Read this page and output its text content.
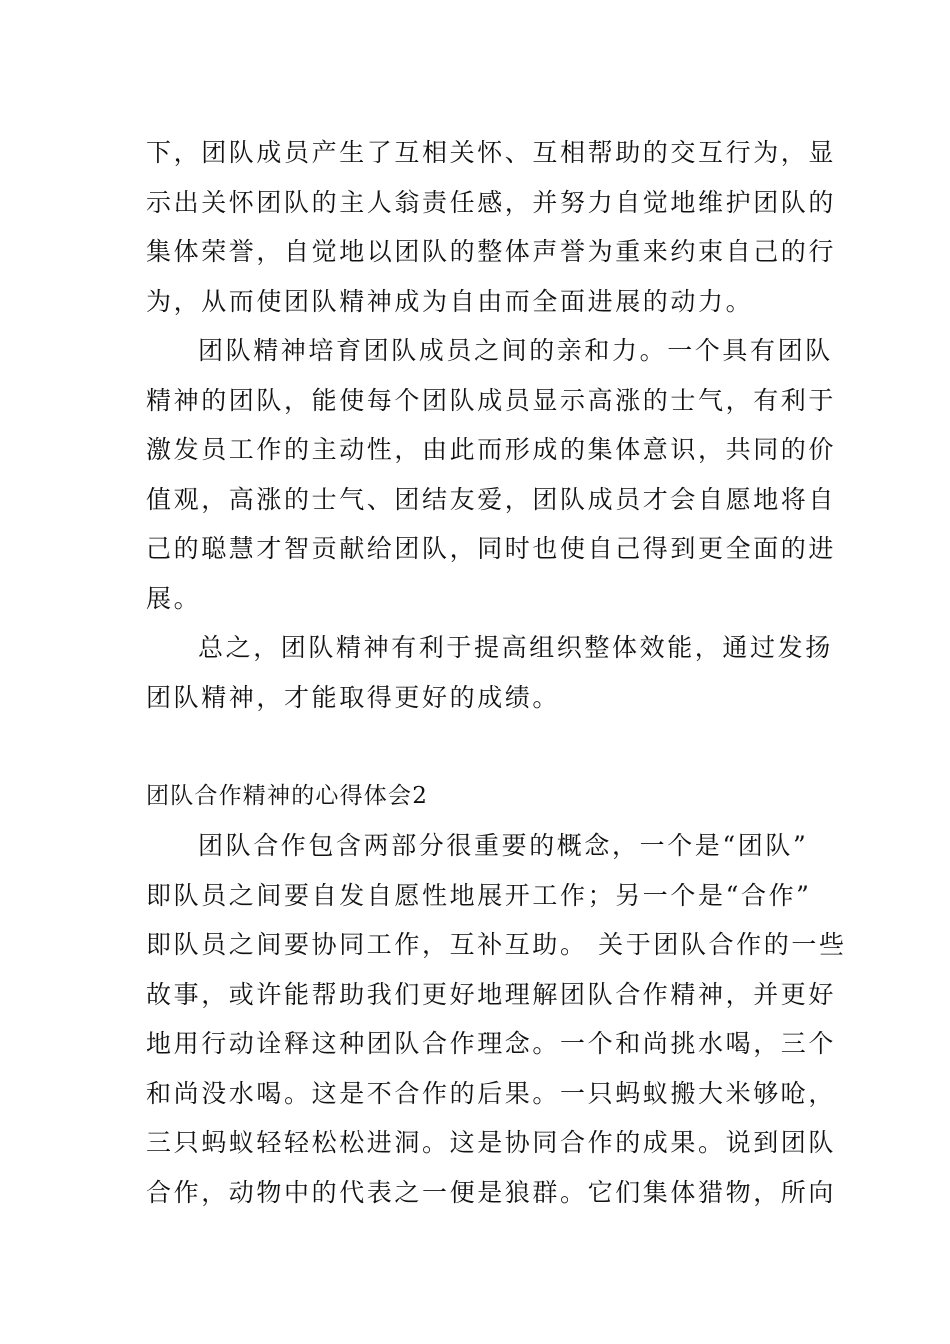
下，团队成员产生了互相关怀、互相帮助的交互行为，显
示出关怀团队的主人翁责任感，并努力自觉地维护团队的
集体荣誉，自觉地以团队的整体声誉为重来约束自己的行
为，从而使团队精神成为自由而全面进展的动力。
团队精神培育团队成员之间的亲和力。一个具有团队
精神的团队，能使每个团队成员显示高涨的士气，有利于
激发员工作的主动性，由此而形成的集体意识，共同的价
值观，高涨的士气、团结友爱，团队成员才会自愿地将自
己的聪慧才智贡献给团队，同时也使自己得到更全面的进
展。
总之，团队精神有利于提高组织整体效能，通过发扬
团队精神，才能取得更好的成绩。
团队合作精神的心得体会2
团队合作包含两部分很重要的概念，一个是“团队”
即队员之间要自发自愿性地展开工作；另一个是“合作”
即队员之间要协同工作，互补互助。 关于团队合作的一些
故事，或许能帮助我们更好地理解团队合作精神，并更好
地用行动诠释这种团队合作理念。一个和尚挑水喝，三个
和尚没水喝。这是不合作的后果。一只蚂蚁搬大米够呛，
三只蚂蚁轻轻松松进洞。这是协同合作的成果。说到团队
合作，动物中的代表之一便是狼群。它们集体猎物，所向
